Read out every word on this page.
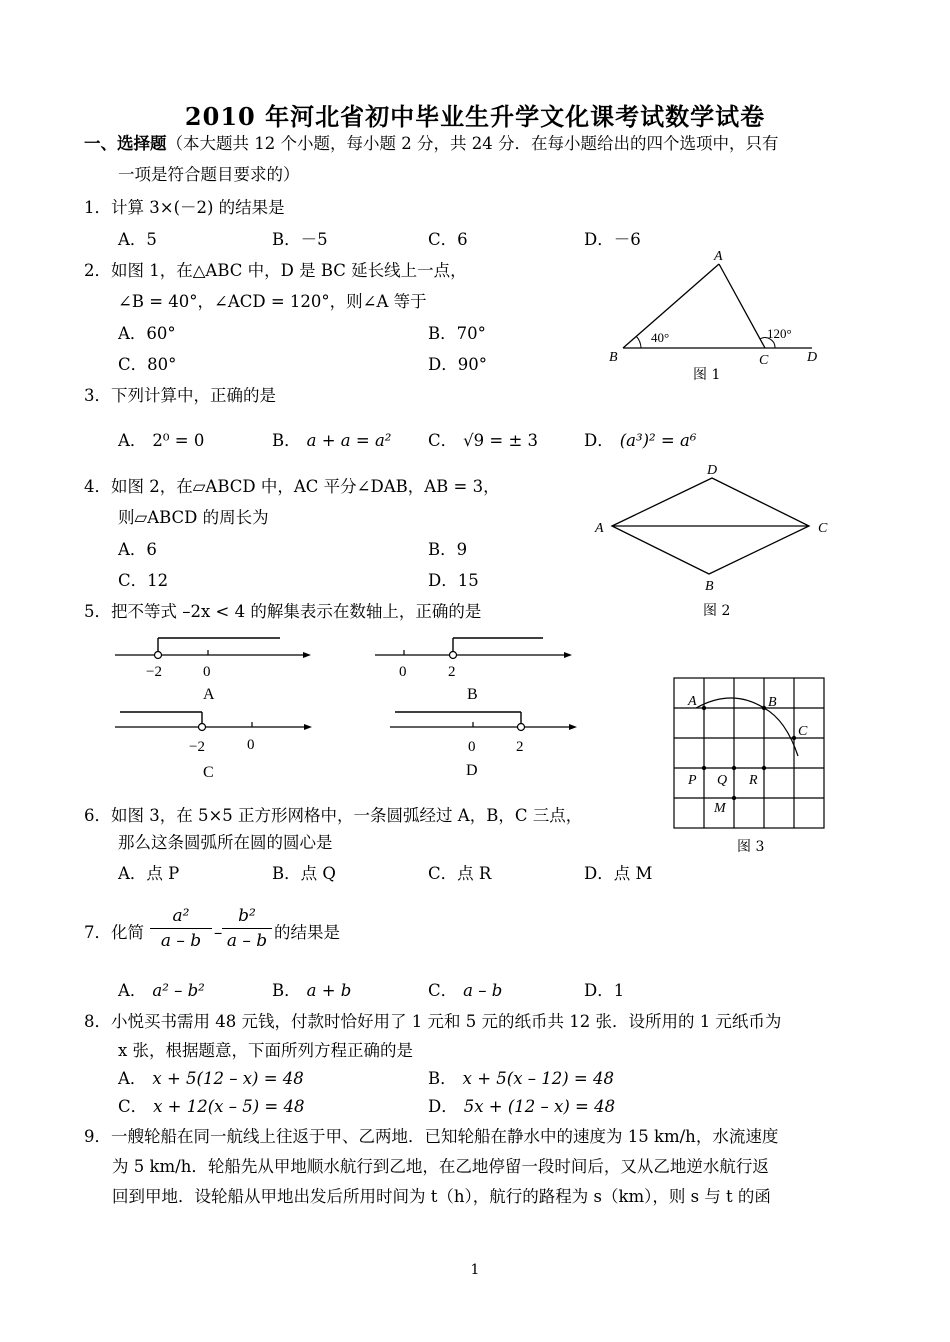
2010 年河北省初中毕业生升学文化课考试数学试卷
一、选择题（本大题共 12 个小题，每小题 2 分，共 24 分．在每小题给出的四个选项中，只有
一项是符合题目要求的）
1．计算 3×(－2) 的结果是
A．5	B．－5	C．6	D．－6
2．如图 1，在△ABC 中，D 是 BC 延长线上一点，
∠B = 40°，∠ACD = 120°，则∠A 等于
A．60°	B．70°
C．80°	D．90°
A
B	C	D
40°	120°
图 1
3．下列计算中，正确的是
A． 2⁰ = 0	B． a + a = a² C． √9 = ± 3	D． (a³)² = a⁶
4．如图 2，在▱ABCD 中，AC 平分∠DAB，AB = 3，
则▱ABCD 的周长为
A．6	B．9
C．12	D．15
D
A	C
B
图 2
5．把不等式 –2x < 4 的解集表示在数轴上，正确的是
−2	0
A
0	2
B
−2	0
C
0	2
D
A	B
C
P Q R
M
图 3
6．如图 3，在 5×5 正方形网格中，一条圆弧经过 A，B，C 三点，
那么这条圆弧所在圆的圆心是
A．点 P	B．点 Q	C．点 R	D．点 M
7．化简
a²
a – b –
b²
a – b 的结果是
A． a² – b²	B． a + b	C． a – b	D．1
8．小悦买书需用 48 元钱，付款时恰好用了 1 元和 5 元的纸币共 12 张．设所用的 1 元纸币为
x 张，根据题意，下面所列方程正确的是
A． x + 5(12 – x) = 48	B． x + 5(x – 12) = 48
C． x + 12(x – 5) = 48	D． 5x + (12 – x) = 48
9．一艘轮船在同一航线上往返于甲、乙两地．已知轮船在静水中的速度为 15 km/h，水流速度
为 5 km/h．轮船先从甲地顺水航行到乙地，在乙地停留一段时间后，又从乙地逆水航行返
回到甲地．设轮船从甲地出发后所用时间为 t（h），航行的路程为 s（km），则 s 与 t 的函
1
